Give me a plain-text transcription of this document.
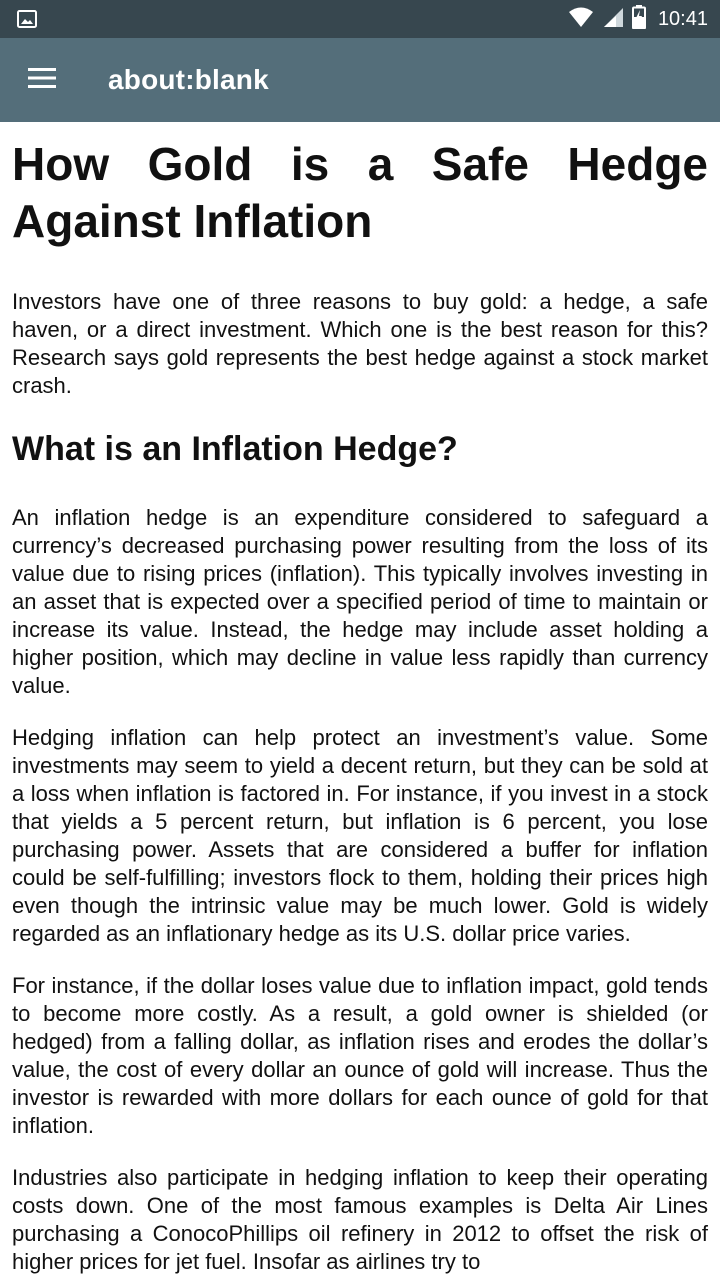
10:41
about:blank
How Gold is a Safe Hedge Against Inflation

Investors have one of three reasons to buy gold: a hedge, a safe haven, or a direct investment. Which one is the best reason for this? Research says gold represents the best hedge against a stock market crash.

What is an Inflation Hedge?

An inflation hedge is an expenditure considered to safeguard a currency’s decreased purchasing power resulting from the loss of its value due to rising prices (inflation). This typically involves investing in an asset that is expected over a specified period of time to maintain or increase its value. Instead, the hedge may include asset holding a higher position, which may decline in value less rapidly than currency value.

Hedging inflation can help protect an investment’s value. Some investments may seem to yield a decent return, but they can be sold at a loss when inflation is factored in. For instance, if you invest in a stock that yields a 5 percent return, but inflation is 6 percent, you lose purchasing power. Assets that are considered a buffer for inflation could be self-fulfilling; investors flock to them, holding their prices high even though the intrinsic value may be much lower. Gold is widely regarded as an inflationary hedge as its U.S. dollar price varies.

For instance, if the dollar loses value due to inflation impact, gold tends to become more costly. As a result, a gold owner is shielded (or hedged) from a falling dollar, as inflation rises and erodes the dollar’s value, the cost of every dollar an ounce of gold will increase. Thus the investor is rewarded with more dollars for each ounce of gold for that inflation.

Industries also participate in hedging inflation to keep their operating costs down. One of the most famous examples is Delta Air Lines purchasing a ConocoPhillips oil refinery in 2012 to offset the risk of higher prices for jet fuel. Insofar as airlines try to
